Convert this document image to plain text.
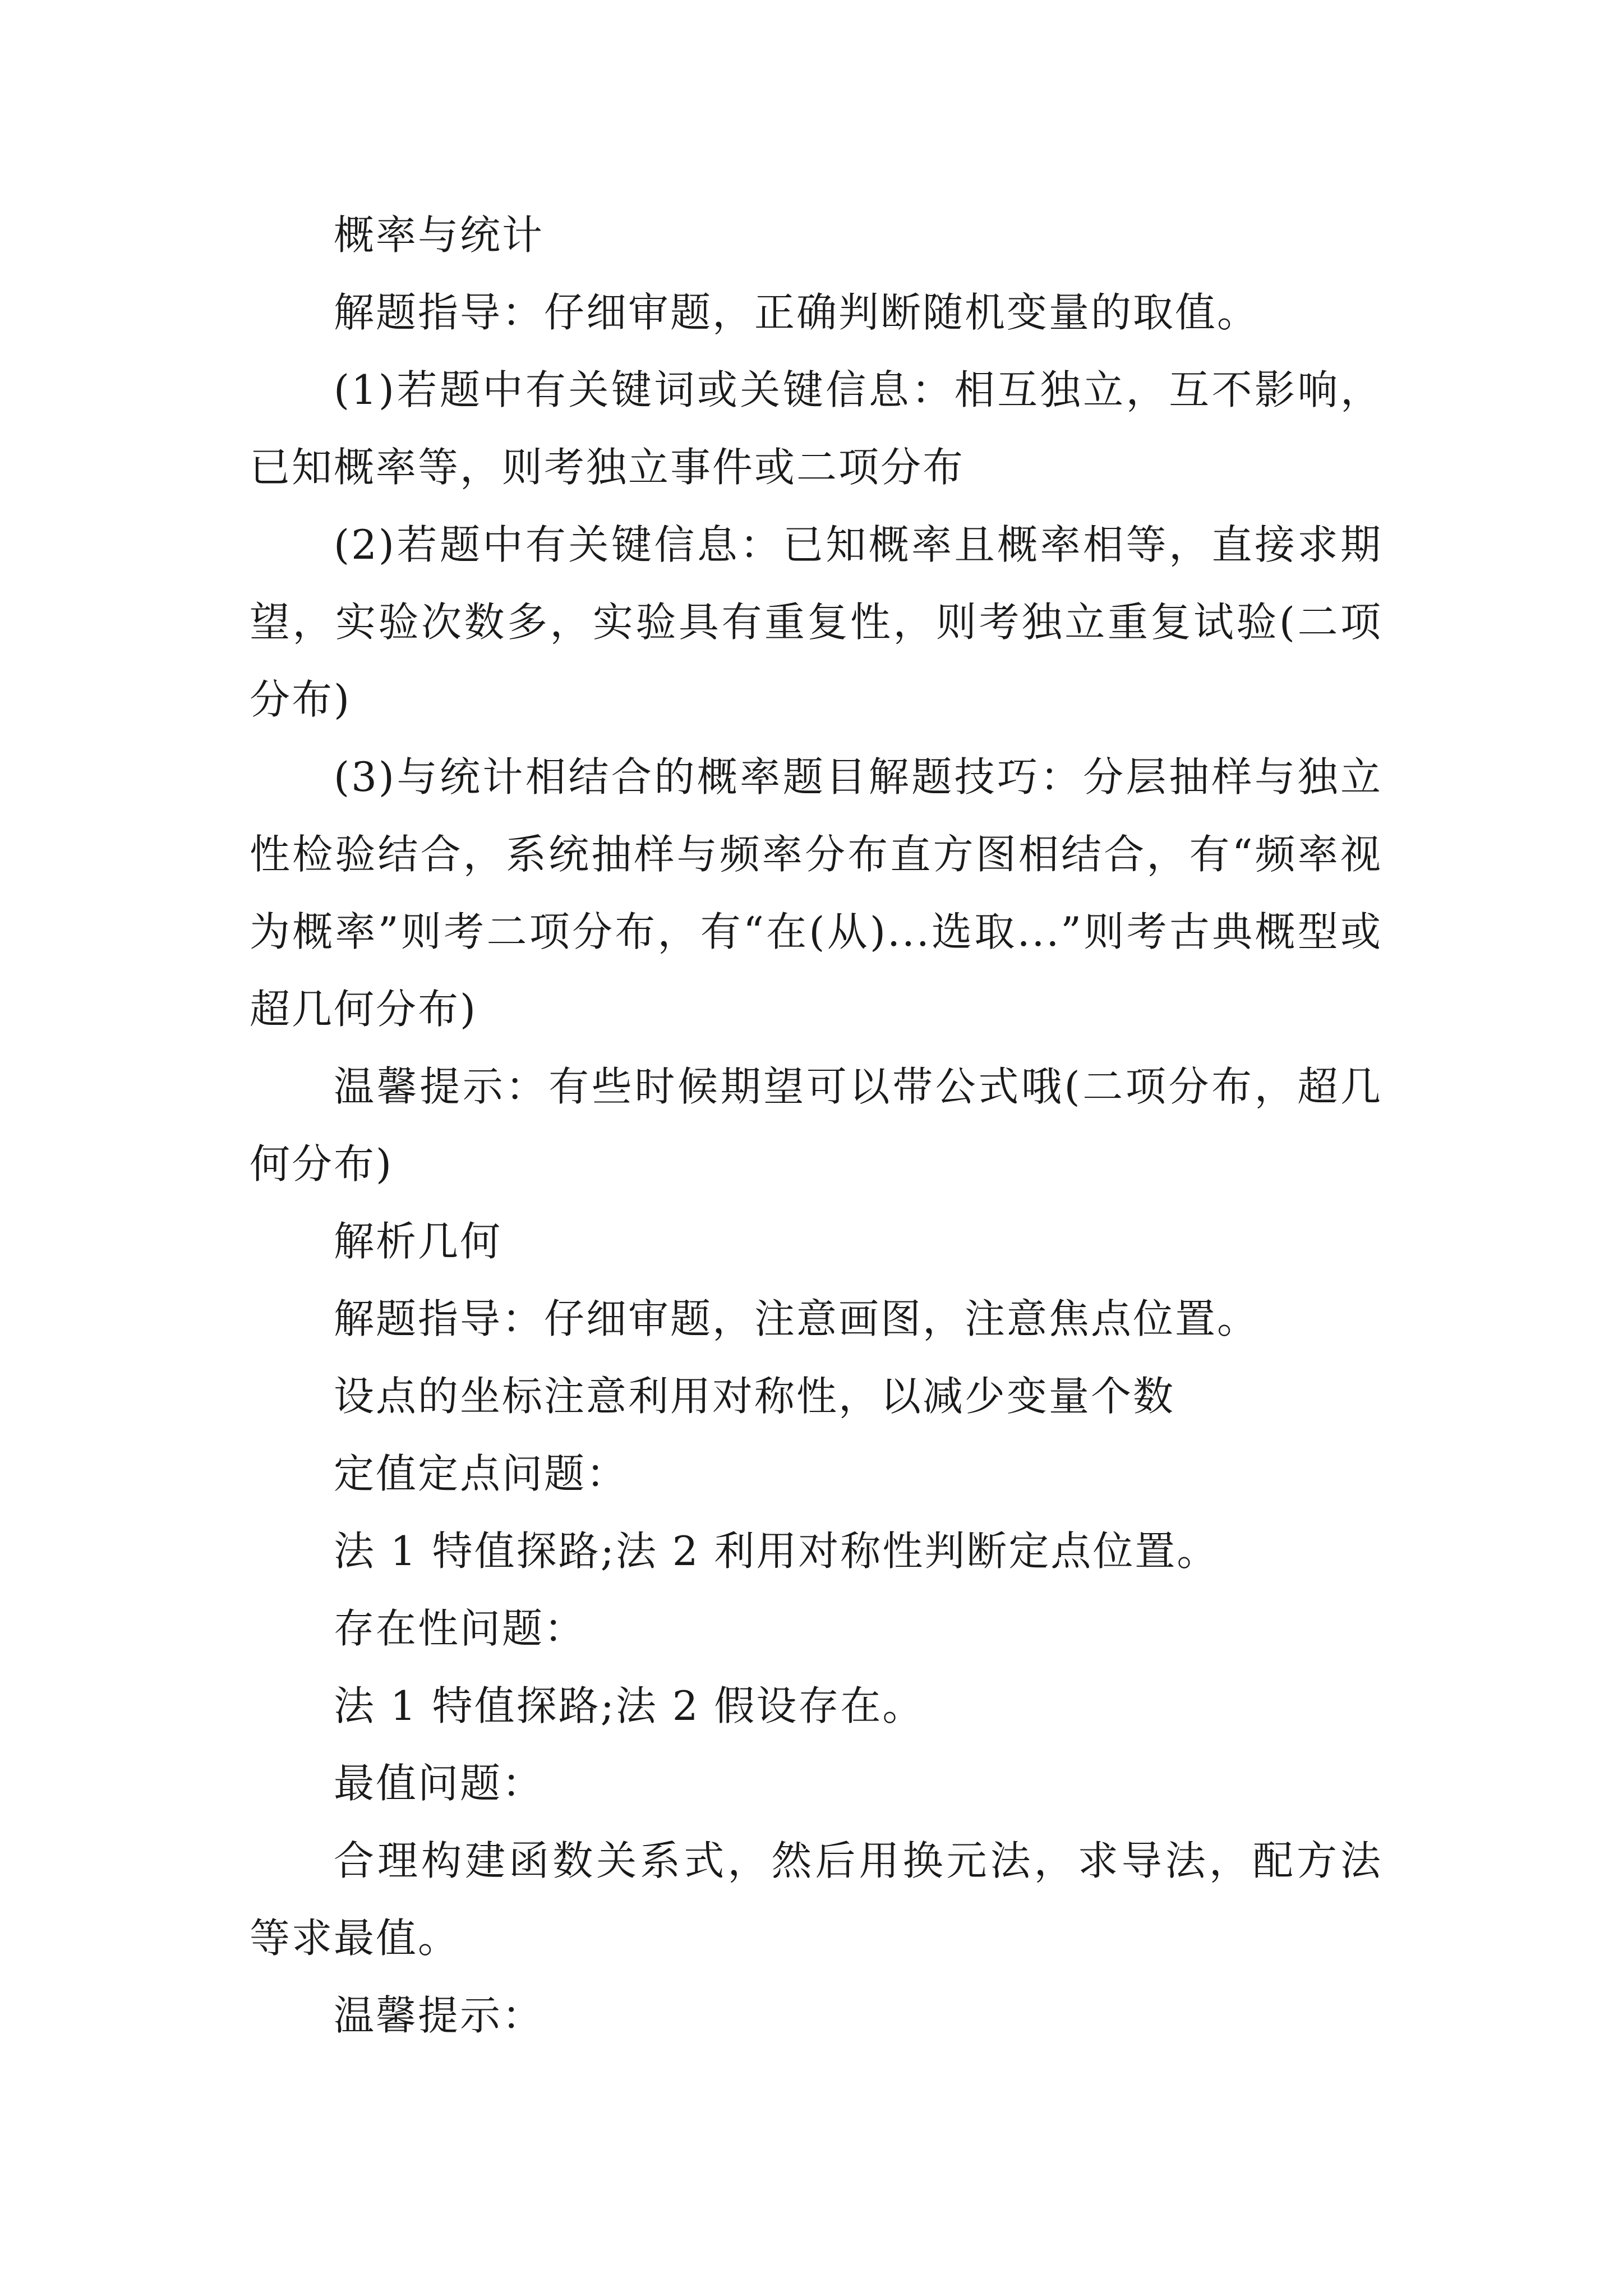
概率与统计

解题指导：仔细审题，正确判断随机变量的取值。

(1)若题中有关键词或关键信息：相互独立，互不影响，已知概率等，则考独立事件或二项分布

(2)若题中有关键信息：已知概率且概率相等，直接求期望，实验次数多，实验具有重复性，则考独立重复试验(二项分布)

(3)与统计相结合的概率题目解题技巧：分层抽样与独立性检验结合，系统抽样与频率分布直方图相结合，有“频率视为概率”则考二项分布，有“在(从)...选取...”则考古典概型或超几何分布)

温馨提示：有些时候期望可以带公式哦(二项分布，超几何分布)

解析几何

解题指导：仔细审题，注意画图，注意焦点位置。

设点的坐标注意利用对称性，以减少变量个数

定值定点问题：

法 1 特值探路;法 2 利用对称性判断定点位置。

存在性问题：

法 1 特值探路;法 2 假设存在。

最值问题：

合理构建函数关系式，然后用换元法，求导法，配方法等求最值。

温馨提示：
